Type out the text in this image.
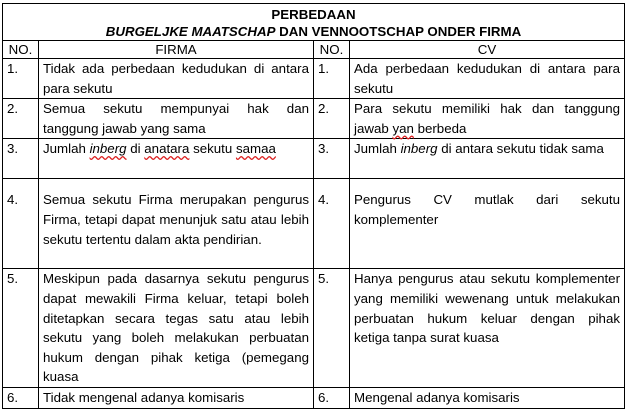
PERBEDAAN
BURGELJKE MAATSCHAP DAN VENNOOTSCHAP ONDER FIRMA			

NO.	FIRMA	NO.	CV
1.	Tidak ada perbedaan kedudukan di antara para sekutu	1.	Ada perbedaan kedudukan di antara para sekutu
2.	Semua sekutu mempunyai hak dan tanggung jawab yang sama	2.	Para sekutu memiliki hak dan tanggung jawab yan berbeda
3.	Jumlah inberg di anatara sekutu samaa	3.	Jumlah inberg di antara sekutu tidak sama
4.	Semua sekutu Firma merupakan pengurus Firma, tetapi dapat menunjuk satu atau lebih sekutu tertentu dalam akta pendirian.	4.	Pengurus CV mutlak dari sekutu komplementer
5.	Meskipun pada dasarnya sekutu pengurus dapat mewakili Firma keluar, tetapi boleh ditetapkan secara tegas satu atau lebih sekutu yang boleh melakukan perbuatan hukum dengan pihak ketiga (pemegang kuasa	5.	Hanya pengurus atau sekutu komplementer yang memiliki wewenang untuk melakukan perbuatan hukum keluar dengan pihak ketiga tanpa surat kuasa
6.	Tidak mengenal adanya komisaris	6.	Mengenal adanya komisaris
